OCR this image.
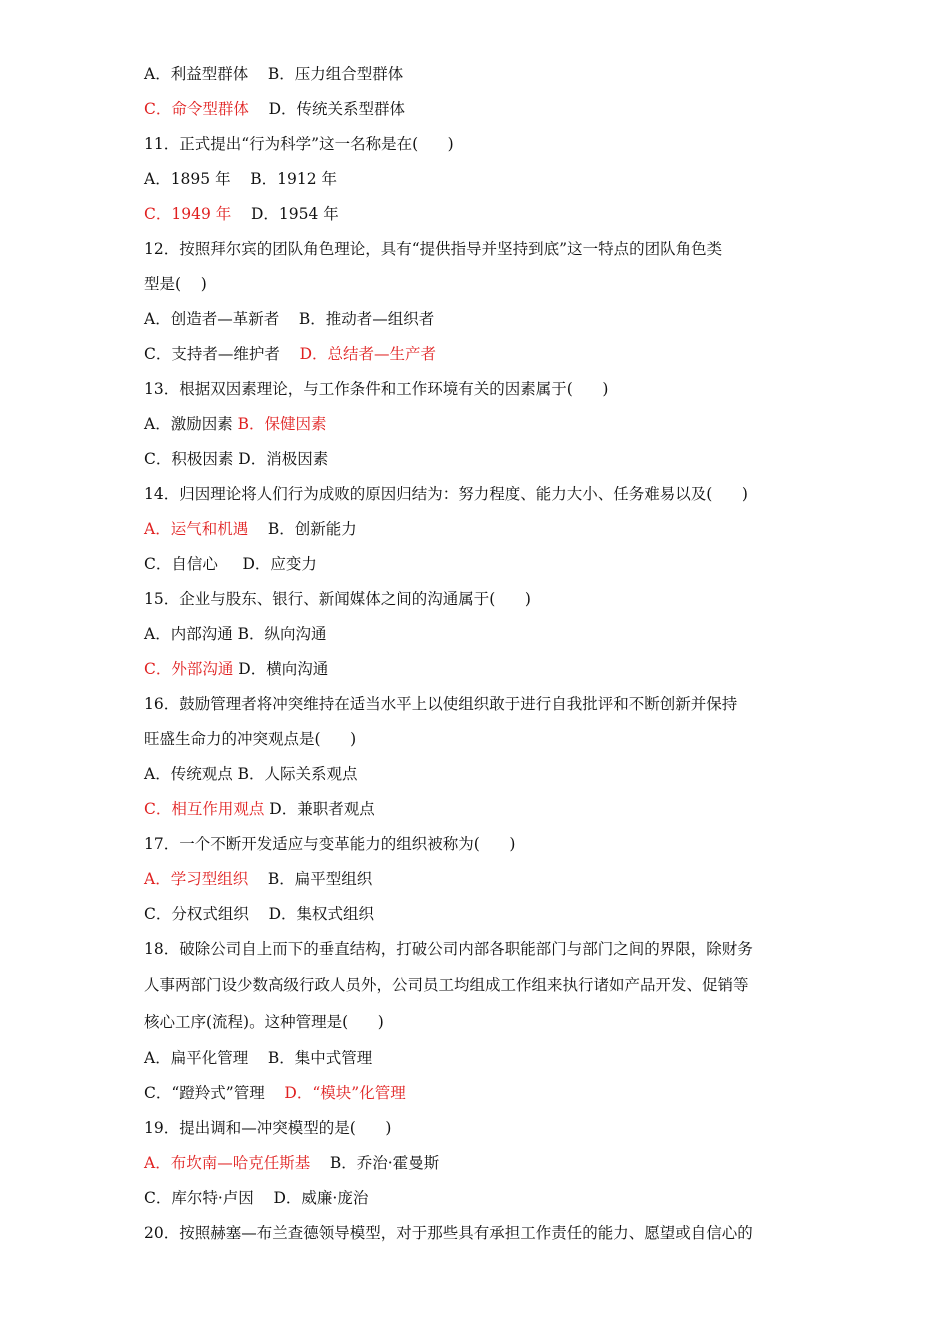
A．利益型群体    B．压力组合型群体
C．命令型群体    D．传统关系型群体
11．正式提出“行为科学”这一名称是在(      )
A．1895 年    B．1912 年
C．1949 年    D．1954 年
12．按照拜尔宾的团队角色理论，具有“提供指导并坚持到底”这一特点的团队角色类
型是(    )
A．创造者—革新者    B．推动者—组织者
C．支持者—维护者    D．总结者—生产者
13．根据双因素理论，与工作条件和工作环境有关的因素属于(      )
A．激励因素 B．保健因素
C．积极因素 D．消极因素
14．归因理论将人们行为成败的原因归结为：努力程度、能力大小、任务难易以及(      )
A．运气和机遇    B．创新能力
C．自信心     D．应变力
15．企业与股东、银行、新闻媒体之间的沟通属于(      )
A．内部沟通 B．纵向沟通
C．外部沟通 D．横向沟通
16．鼓励管理者将冲突维持在适当水平上以使组织敢于进行自我批评和不断创新并保持
旺盛生命力的冲突观点是(      )
A．传统观点 B．人际关系观点
C．相互作用观点 D．兼职者观点
17．一个不断开发适应与变革能力的组织被称为(      )
A．学习型组织    B．扁平型组织
C．分权式组织    D．集权式组织
18．破除公司自上而下的垂直结构，打破公司内部各职能部门与部门之间的界限，除财务
人事两部门设少数高级行政人员外，公司员工均组成工作组来执行诸如产品开发、促销等
核心工序(流程)。这种管理是(      )
A．扁平化管理    B．集中式管理
C．“蹬羚式”管理    D．“模块”化管理
19．提出调和—冲突模型的是(      )
A．布坎南—哈克任斯基    B．乔治·霍曼斯
C．库尔特·卢因    D．威廉·庞治
20．按照赫塞—布兰查德领导模型，对于那些具有承担工作责任的能力、愿望或自信心的
